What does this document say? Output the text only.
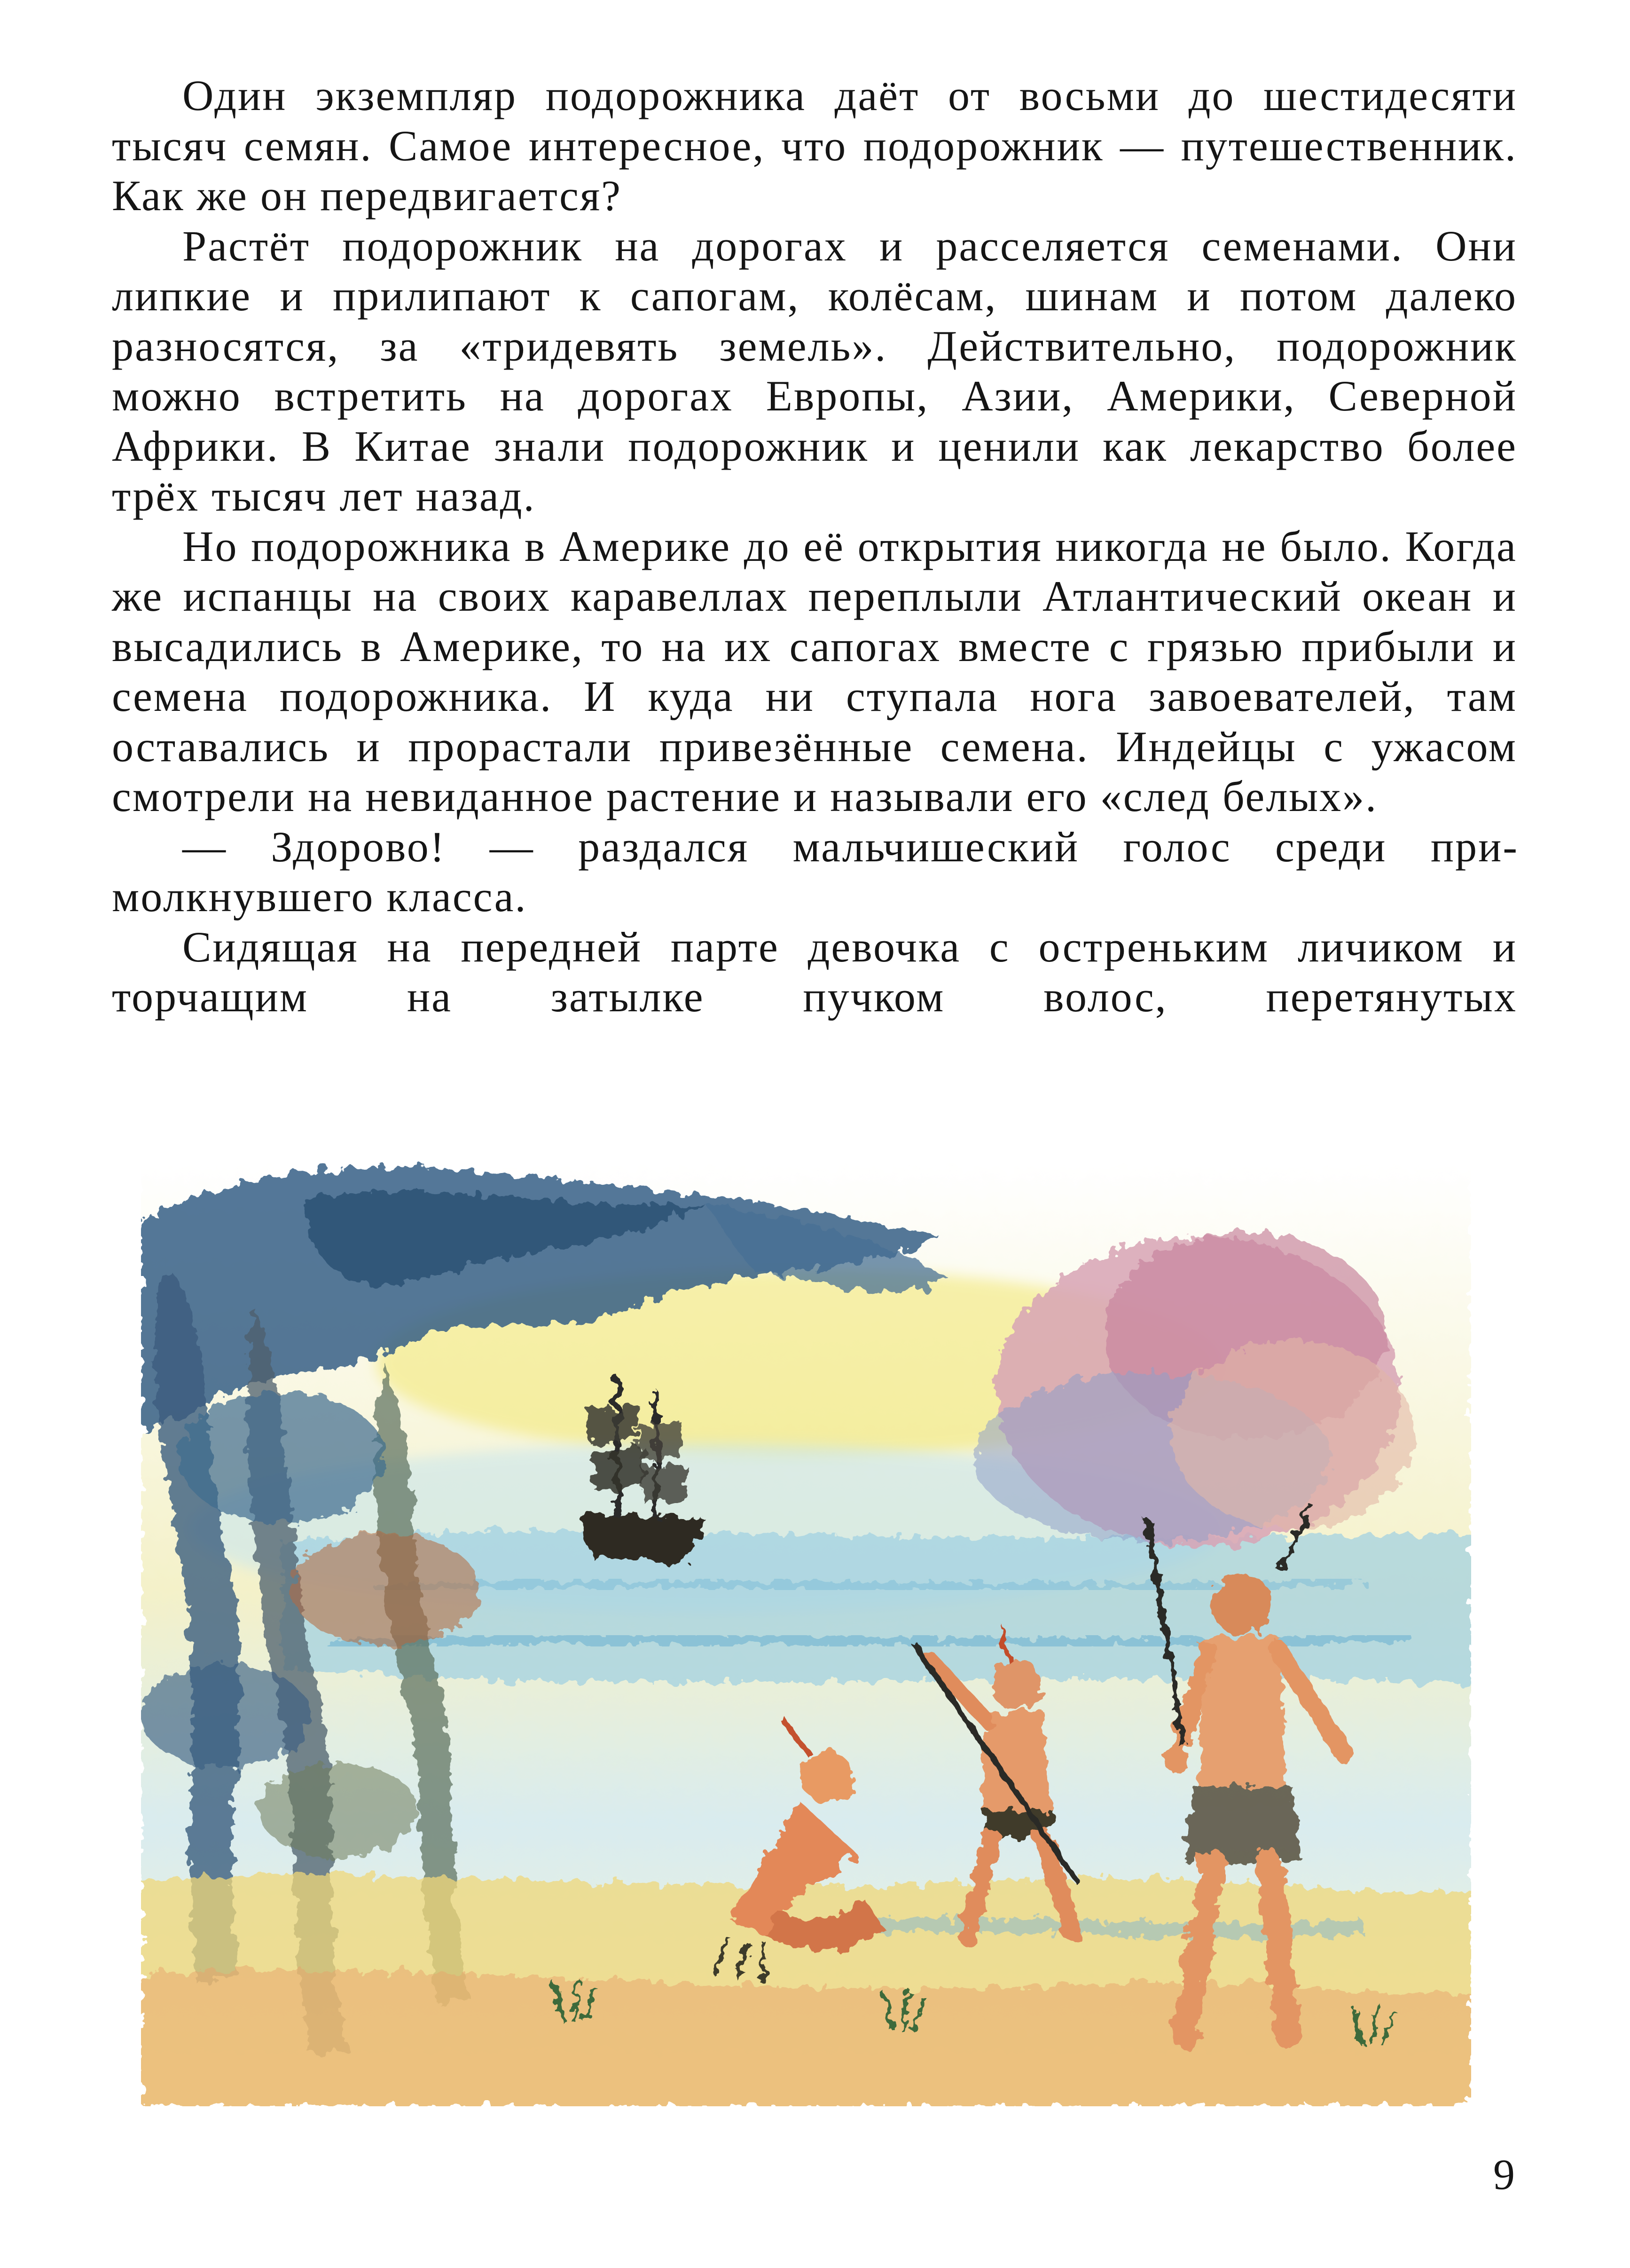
Один экземпляр подорожника даёт от восьми до шестидесяти тысяч семян. Самое интересное, что подорожник — путешественник. Как же он передвигается?

Растёт подорожник на дорогах и расселяется семенами. Они липкие и прилипают к сапогам, колёсам, шинам и потом далеко разносятся, за «тридевять земель». Действительно, подорожник можно встретить на дорогах Европы, Азии, Америки, Северной Африки. В Китае знали подорожник и ценили как лекарство более трёх тысяч лет назад.

Но подорожника в Америке до её открытия никогда не было. Когда же испанцы на своих каравеллах переплыли Атлантический океан и высадились в Америке, то на их сапогах вместе с грязью прибыли и семена подорожника. И куда ни ступала нога завоевателей, там оставались и прорастали привезённые семена. Индейцы с ужасом смотрели на невиданное растение и называли его «след белых».

— Здорово! — раздался мальчишеский голос среди примолкнувшего класса.

Сидящая на передней парте девочка с остреньким личиком и торчащим на затылке пучком волос, перетянутых

9
